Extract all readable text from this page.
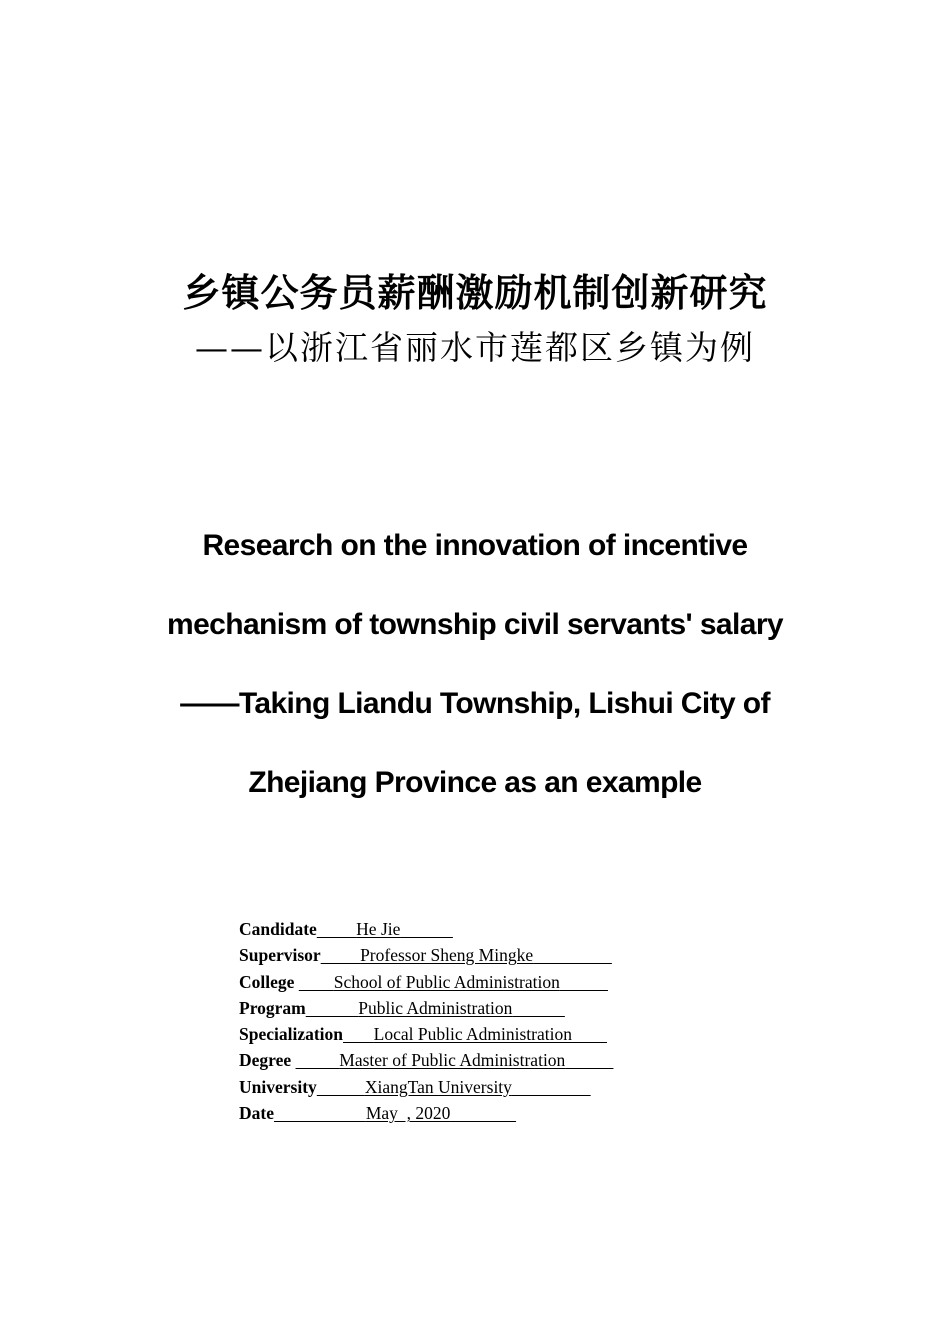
乡镇公务员薪酬激励机制创新研究
——以浙江省丽水市莲都区乡镇为例
Research on the innovation of incentive
mechanism of township civil servants' salary
——Taking Liandu Township, Lishui City of
Zhejiang Province as an example
Candidate He Jie
Supervisor Professor Sheng Mingke
College School of Public Administration
Program	Public Administration
Specialization Local Public Administration
Degree	Master of Public Administration
University	XiangTan University
Date	May  , 2020
